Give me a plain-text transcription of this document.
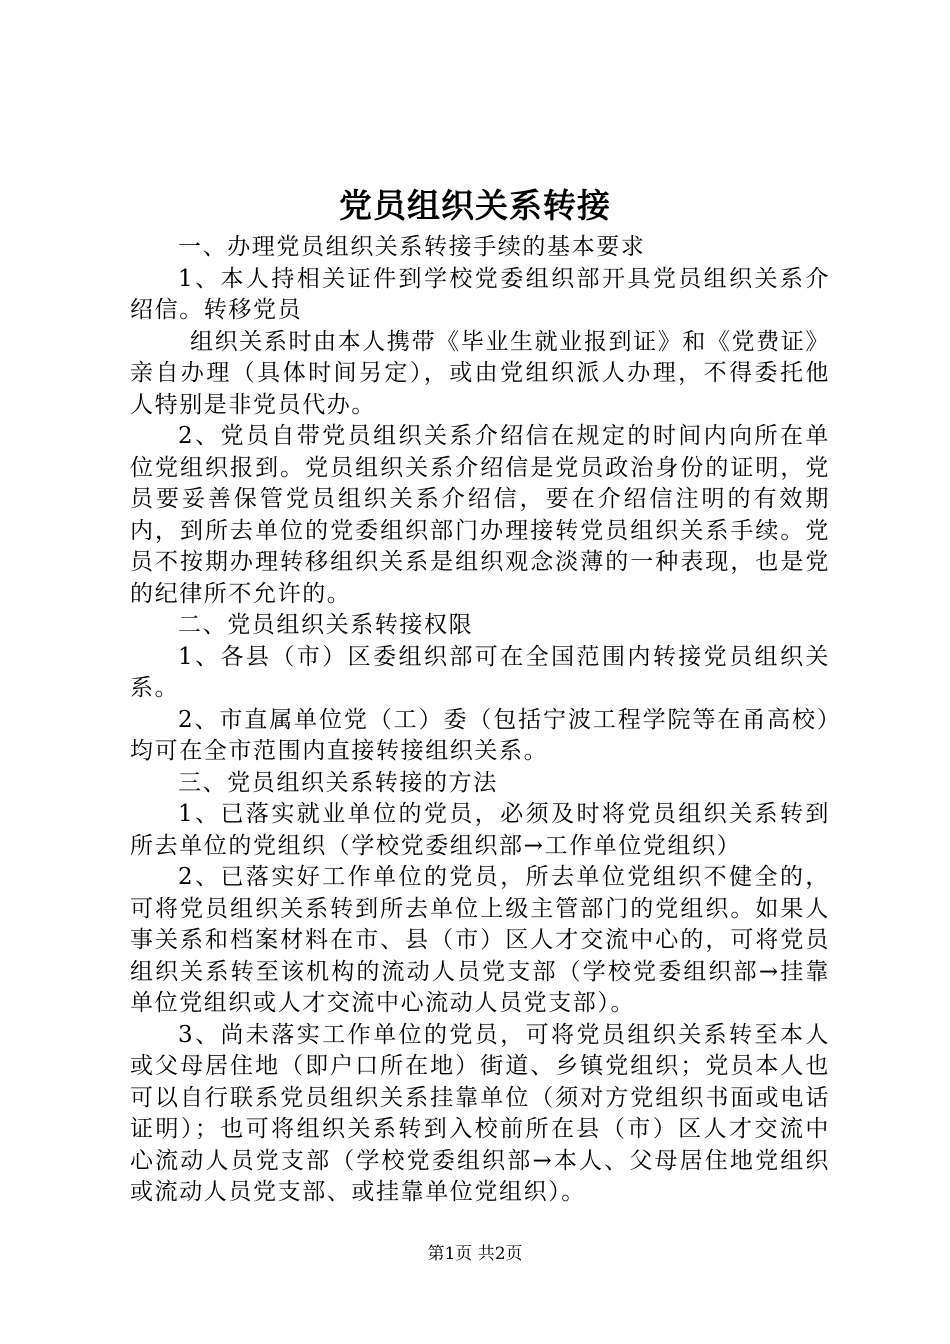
党员组织关系转接

一、办理党员组织关系转接手续的基本要求

1、本人持相关证件到学校党委组织部开具党员组织关系介绍信。转移党员

组织关系时由本人携带《毕业生就业报到证》和《党费证》亲自办理（具体时间另定），或由党组织派人办理，不得委托他人特别是非党员代办。

2、党员自带党员组织关系介绍信在规定的时间内向所在单位党组织报到。党员组织关系介绍信是党员政治身份的证明，党员要妥善保管党员组织关系介绍信，要在介绍信注明的有效期内，到所去单位的党委组织部门办理接转党员组织关系手续。党员不按期办理转移组织关系是组织观念淡薄的一种表现，也是党的纪律所不允许的。

二、党员组织关系转接权限

1、各县（市）区委组织部可在全国范围内转接党员组织关系。

2、市直属单位党（工）委（包括宁波工程学院等在甬高校）均可在全市范围内直接转接组织关系。

三、党员组织关系转接的方法

1、已落实就业单位的党员，必须及时将党员组织关系转到所去单位的党组织（学校党委组织部→工作单位党组织）

2、已落实好工作单位的党员，所去单位党组织不健全的，可将党员组织关系转到所去单位上级主管部门的党组织。如果人事关系和档案材料在市、县（市）区人才交流中心的，可将党员组织关系转至该机构的流动人员党支部（学校党委组织部→挂靠单位党组织或人才交流中心流动人员党支部）。

3、尚未落实工作单位的党员，可将党员组织关系转至本人或父母居住地（即户口所在地）街道、乡镇党组织；党员本人也可以自行联系党员组织关系挂靠单位（须对方党组织书面或电话证明）；也可将组织关系转到入校前所在县（市）区人才交流中心流动人员党支部（学校党委组织部→本人、父母居住地党组织或流动人员党支部、或挂靠单位党组织）。

第1页 共2页
